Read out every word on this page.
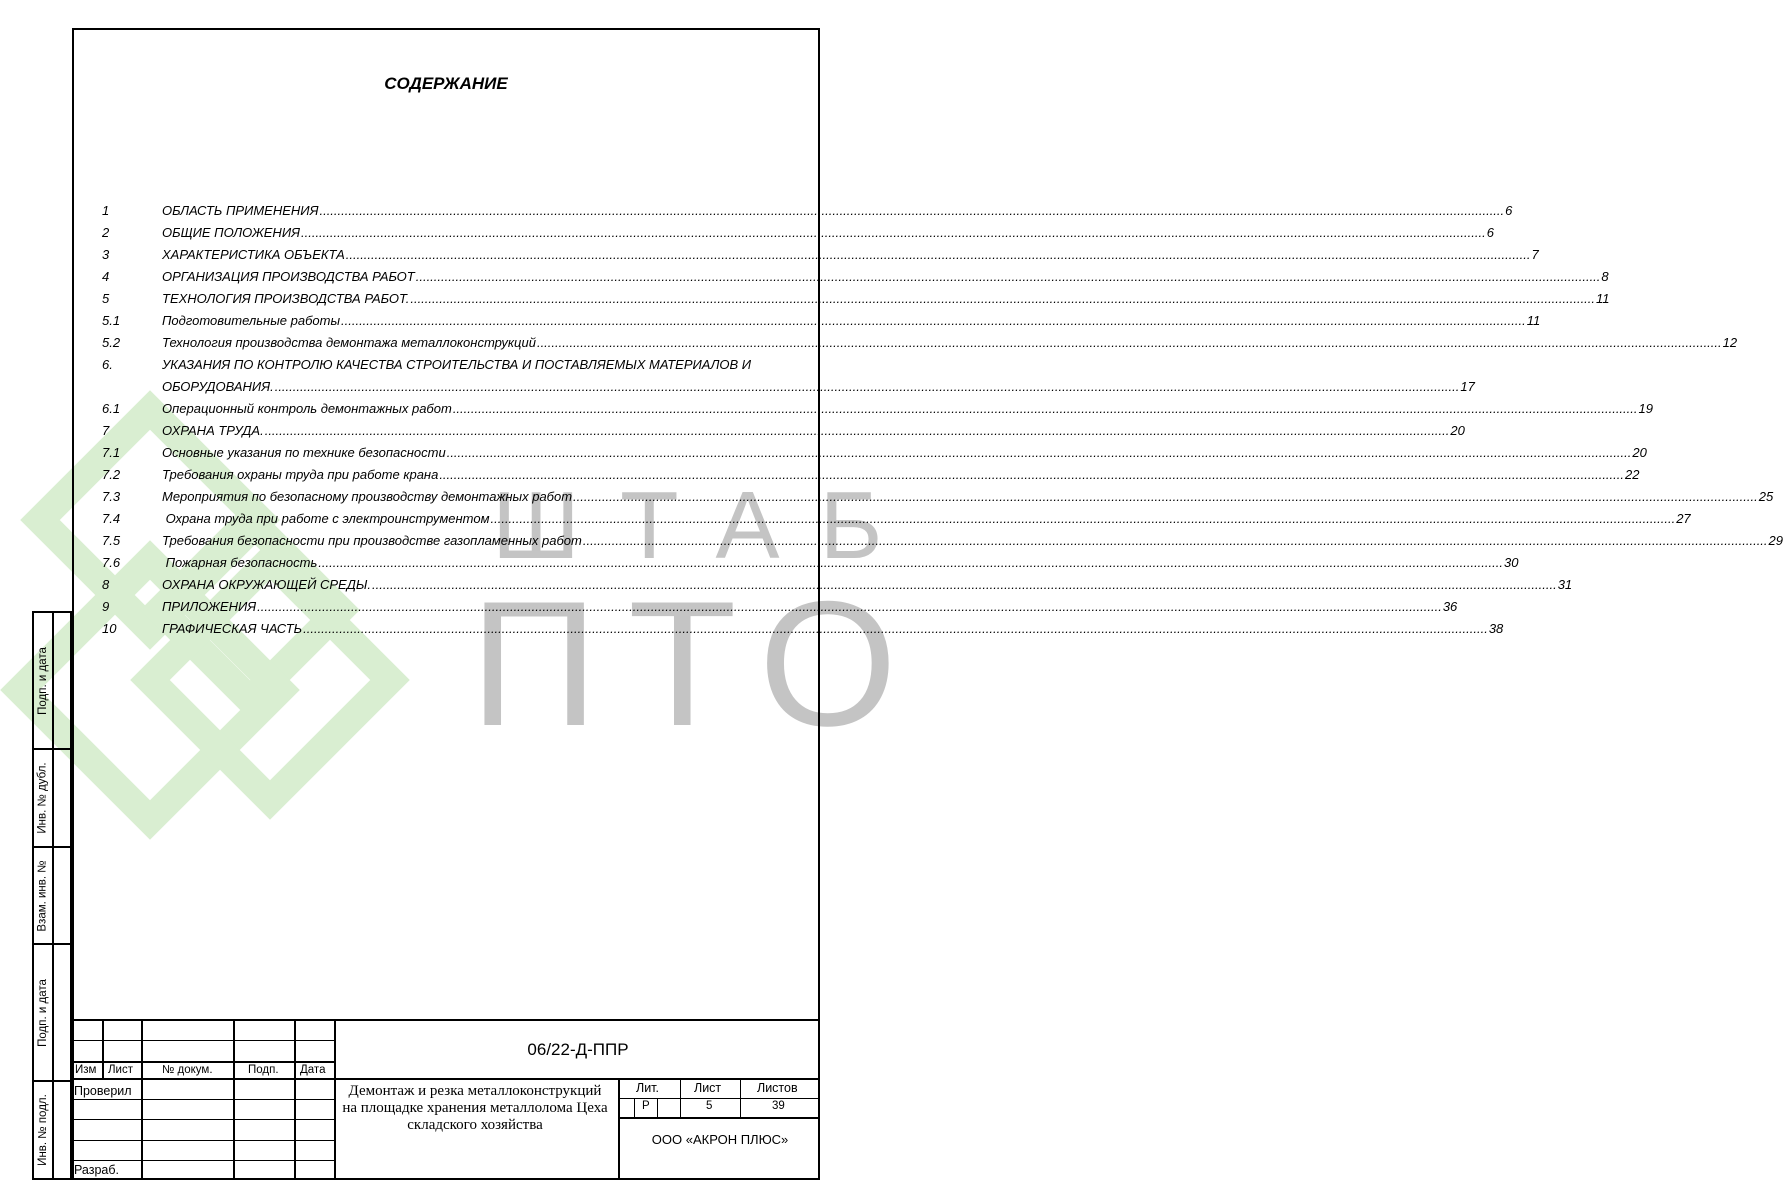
ШТАБ
ПТО
СОДЕРЖАНИЕ
1	ОБЛАСТЬ ПРИМЕНЕНИЯ .....	6
2	ОБЩИЕ ПОЛОЖЕНИЯ .....	6
3	ХАРАКТЕРИСТИКА ОБЪЕКТА .....	7
4	ОРГАНИЗАЦИЯ ПРОИЗВОДСТВА РАБОТ .....	8
5	ТЕХНОЛОГИЯ ПРОИЗВОДСТВА РАБОТ. .....	11
5.1	Подготовительные работы .....	11
5.2	Технология производства демонтажа металлоконструкций .....	12
6.	УКАЗАНИЯ ПО КОНТРОЛЮ КАЧЕСТВА СТРОИТЕЛЬСТВА И ПОСТАВЛЯЕМЫХ МАТЕРИАЛОВ И
ОБОРУДОВАНИЯ. .....	17
6.1	Операционный контроль демонтажных работ .....	19
7	ОХРАНА ТРУДА. .....	20
7.1	Основные указания по технике безопасности .....	20
7.2	Требования охраны труда при работе крана .....	22
7.3	Мероприятия по безопасному производству демонтажных работ .....	25
7.4	Охрана труда при работе с электроинструментом .....	27
7.5	Требования безопасности при производстве газопламенных работ .....	29
7.6	Пожарная безопасность .....	30
8	ОХРАНА ОКРУЖАЮЩЕЙ СРЕДЫ. .....	31
9	ПРИЛОЖЕНИЯ .....	36
10	ГРАФИЧЕСКАЯ ЧАСТЬ .....	38
Подп. и дата
Инв. № дубл.
Взам. инв. №
Подп. и дата
Инв. № подл.
Изм Лист	№ докум.	Подп. Дата
Проверил
Разраб.
06/22-Д-ППР
Демонтаж и резка металлоконструкций на площадке хранения металлолома Цеха складского хозяйства
Лит.	Лист	Листов
Р	5	39
ООО «АКРОН ПЛЮС»
